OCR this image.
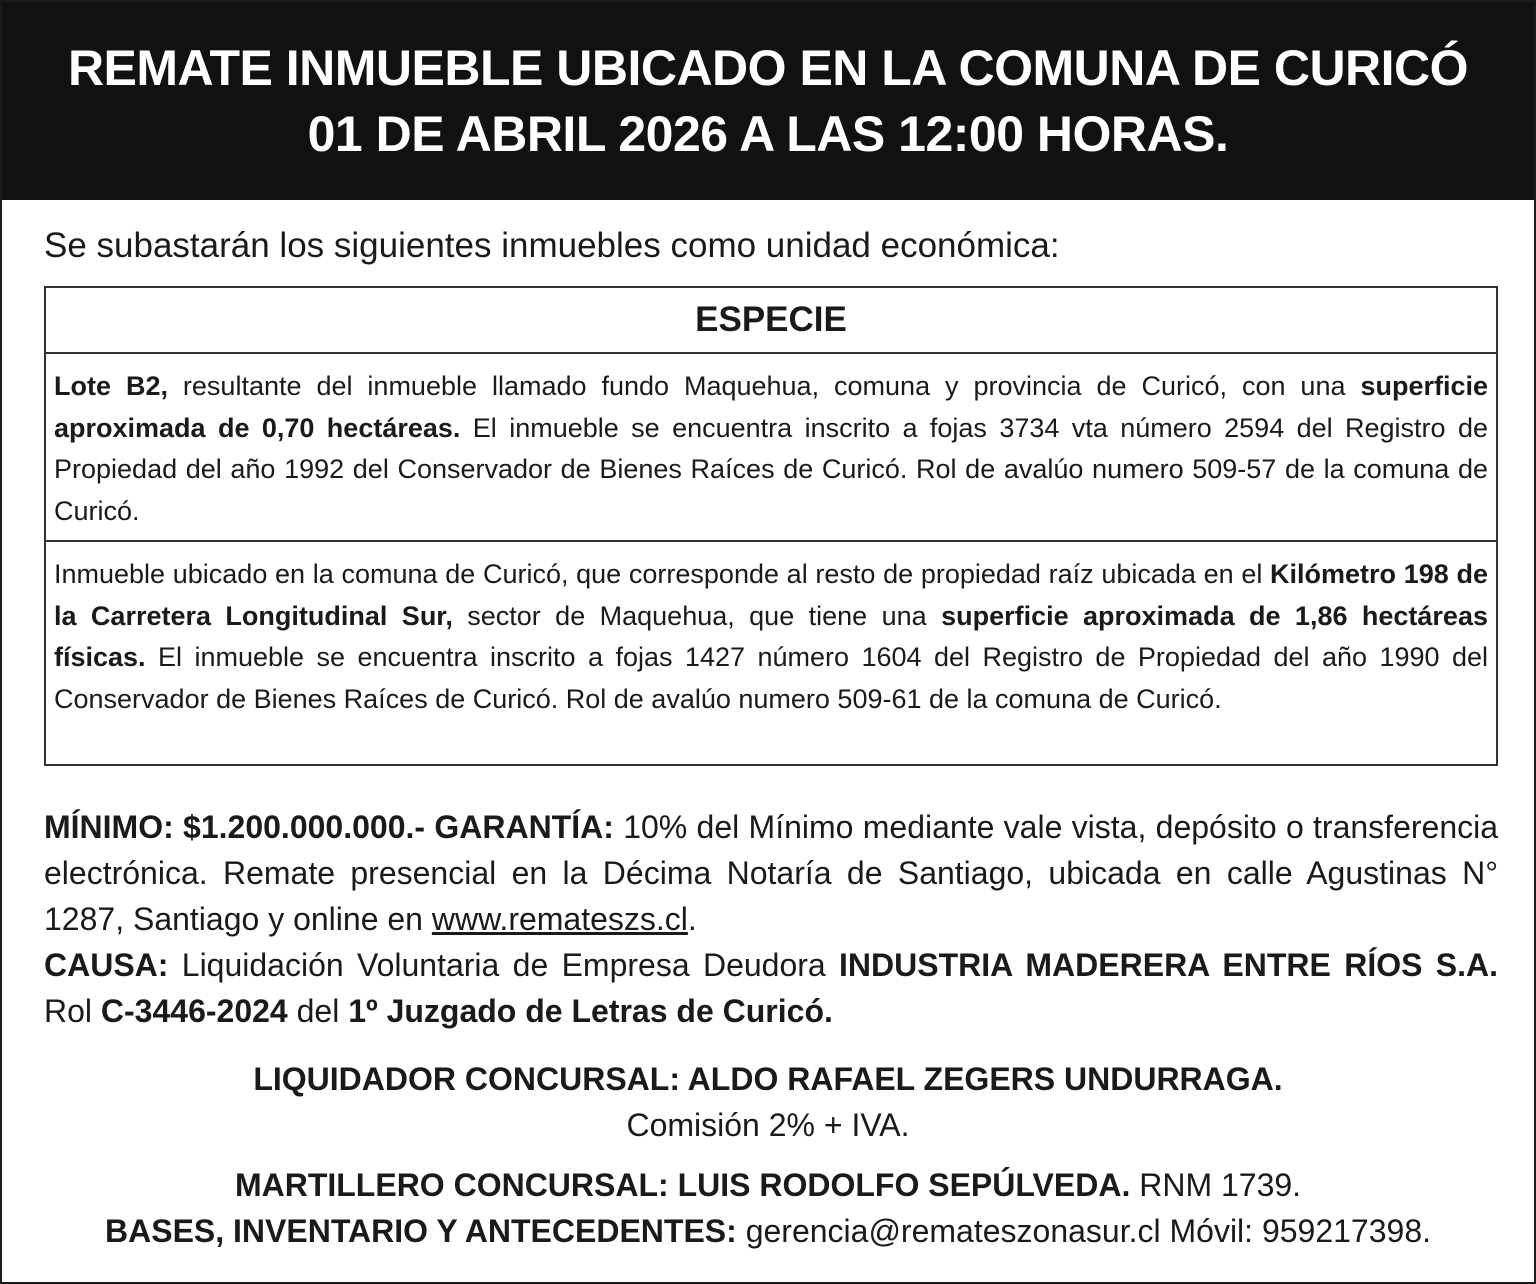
REMATE INMUEBLE UBICADO EN LA COMUNA DE CURICÓ
01 DE ABRIL 2026 A LAS 12:00 HORAS.
Se subastarán los siguientes inmuebles como unidad económica:
ESPECIE
Lote B2, resultante del inmueble llamado fundo Maquehua, comuna y provincia de Curicó, con una superficie aproximada de 0,70 hectáreas. El inmueble se encuentra inscrito a fojas 3734 vta número 2594 del Registro de Propiedad del año 1992 del Conservador de Bienes Raíces de Curicó. Rol de avalúo numero 509-57 de la comuna de Curicó.
Inmueble ubicado en la comuna de Curicó, que corresponde al resto de propiedad raíz ubicada en el Kilómetro 198 de la Carretera Longitudinal Sur, sector de Maquehua, que tiene una superficie aproximada de 1,86 hectáreas físicas. El inmueble se encuentra inscrito a fojas 1427 número 1604 del Registro de Propiedad del año 1990 del Conservador de Bienes Raíces de Curicó. Rol de avalúo numero 509-61 de la comuna de Curicó.
MÍNIMO: $1.200.000.000.- GARANTÍA: 10% del Mínimo mediante vale vista, depósito o transferencia electrónica. Remate presencial en la Décima Notaría de Santiago, ubicada en calle Agustinas N° 1287, Santiago y online en www.remateszs.cl.
CAUSA: Liquidación Voluntaria de Empresa Deudora INDUSTRIA MADERERA ENTRE RÍOS S.A. Rol C-3446-2024 del 1º Juzgado de Letras de Curicó.
LIQUIDADOR CONCURSAL: ALDO RAFAEL ZEGERS UNDURRAGA.
Comisión 2% + IVA.
MARTILLERO CONCURSAL: LUIS RODOLFO SEPÚLVEDA. RNM 1739.
BASES, INVENTARIO Y ANTECEDENTES: gerencia@remateszonasur.cl Móvil: 959217398.
